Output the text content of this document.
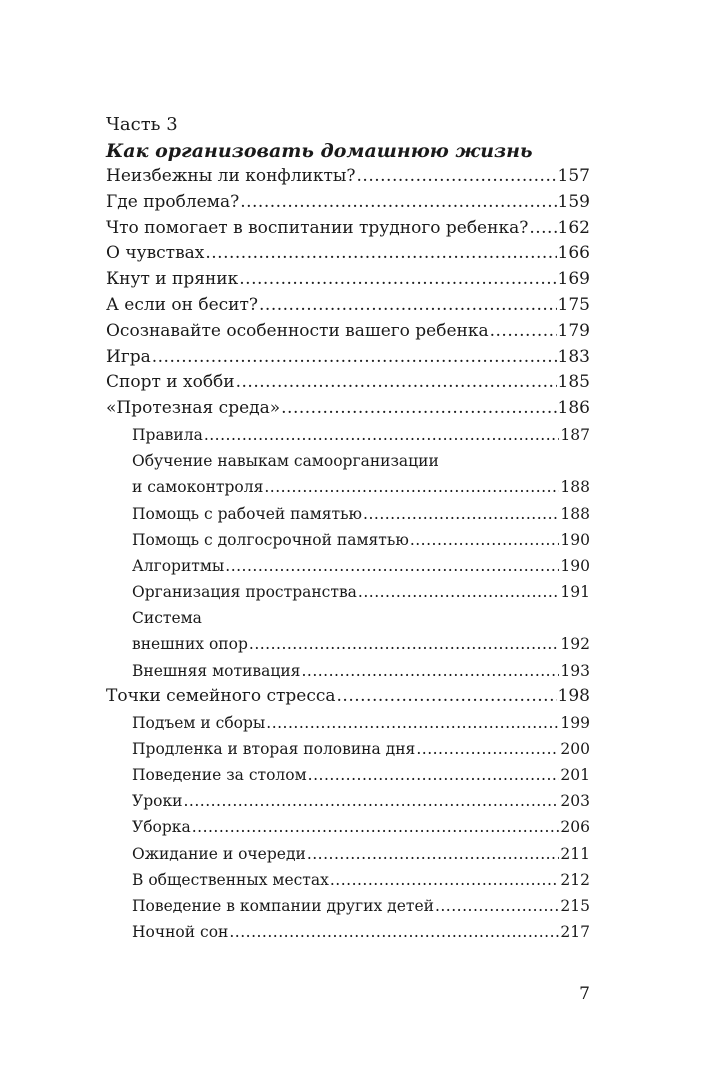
Часть 3
Как организовать домашнюю жизнь
Неизбежны ли конфликты? .....	157
Где проблема? .....	159
Что помогает в воспитании трудного ребенка? ..... 162
О чувствах .....	166
Кнут и пряник .....	169
А если он бесит? .....	175
Осознавайте особенности вашего ребенка .....	179
Игра .....	183
Спорт и хобби .....	185
«Протезная среда» .....	186
Правила .....	187
Обучение навыкам самоорганизации
и самоконтроля .....	188
Помощь с рабочей памятью .....	188
Помощь с долгосрочной памятью .....	190
Алгоритмы .....	190
Организация пространства .....	191
Система
внешних опор .....	192
Внешняя мотивация .....	193
Точки семейного стресса .....	198
Подъем и сборы .....	199
Продленка и вторая половина дня .....	200
Поведение за столом .....	201
Уроки .....	203
Уборка .....	206
Ожидание и очереди .....	211
В общественных местах .....	212
Поведение в компании других детей .....	215
Ночной сон .....	217
7
